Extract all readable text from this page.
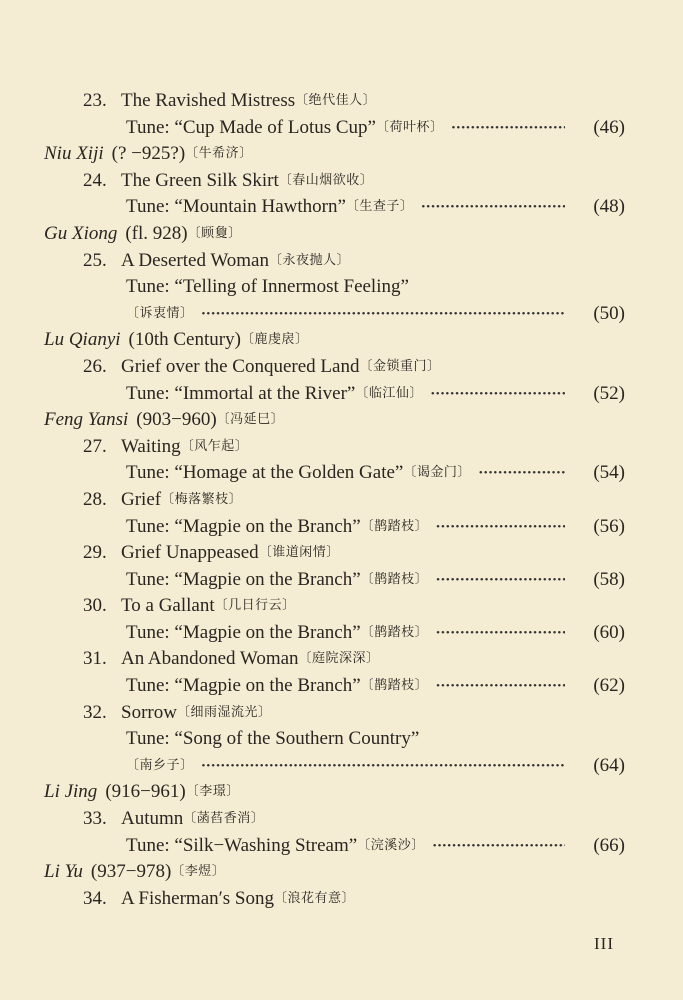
23. The Ravished Mistress 〔绝代佳人〕
Tune: “Cup Made of Lotus Cup” 〔荷叶杯〕 •••••	(46)
Niu Xiji (? −925?) 〔牛希济〕
24. The Green Silk Skirt 〔春山烟欲收〕
Tune: “Mountain Hawthorn” 〔生查子〕 •••••	(48)
Gu Xiong (fl. 928) 〔顾敻〕
25. A Deserted Woman 〔永夜抛人〕
Tune: “Telling of Innermost Feeling”
〔诉衷情〕 •••••	(50)
Lu Qianyi (10th Century) 〔鹿虔扆〕
26. Grief over the Conquered Land 〔金锁重门〕
Tune: “Immortal at the River” 〔临江仙〕 •••••	(52)
Feng Yansi (903−960) 〔冯延巳〕
27. Waiting 〔风乍起〕
Tune: “Homage at the Golden Gate” 〔谒金门〕 •••••	(54)
28. Grief 〔梅落繁枝〕
Tune: “Magpie on the Branch” 〔鹊踏枝〕 •••••	(56)
29. Grief Unappeased 〔谁道闲情〕
Tune: “Magpie on the Branch” 〔鹊踏枝〕 •••••	(58)
30. To a Gallant 〔几日行云〕
Tune: “Magpie on the Branch” 〔鹊踏枝〕 •••••	(60)
31. An Abandoned Woman 〔庭院深深〕
Tune: “Magpie on the Branch” 〔鹊踏枝〕 •••••	(62)
32. Sorrow 〔细雨湿流光〕
Tune: “Song of the Southern Country”
〔南乡子〕 •••••	(64)
Li Jing (916−961) 〔李璟〕
33. Autumn 〔菡萏香消〕
Tune: “Silk−Washing Stream” 〔浣溪沙〕 •••••	(66)
Li Yu (937−978) 〔李煜〕
34. A Fisherman′s Song 〔浪花有意〕
III
